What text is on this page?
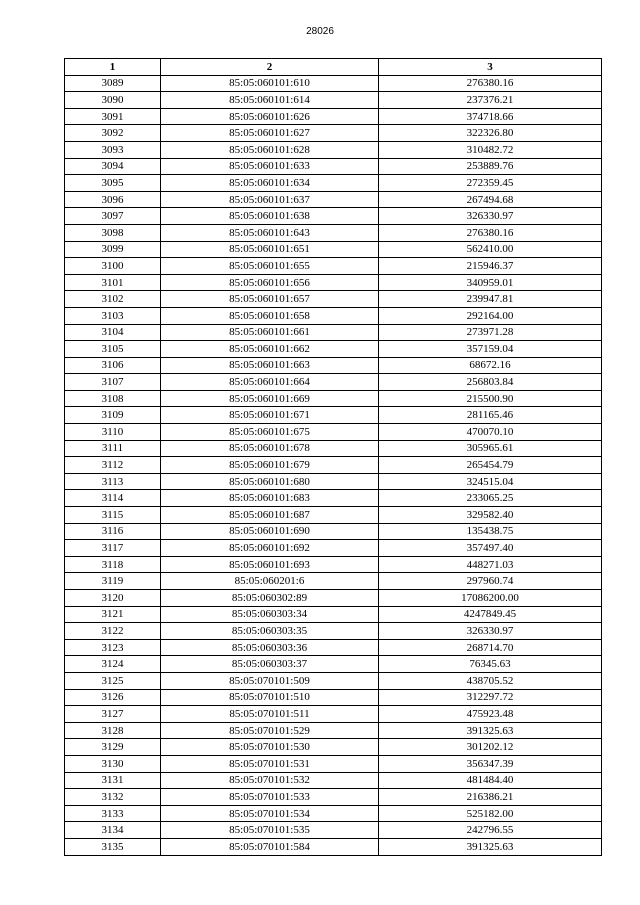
28026
1	2	3
3089	85:05:060101:610	276380.16
3090	85:05:060101:614	237376.21
3091	85:05:060101:626	374718.66
3092	85:05:060101:627	322326.80
3093	85:05:060101:628	310482.72
3094	85:05:060101:633	253889.76
3095	85:05:060101:634	272359.45
3096	85:05:060101:637	267494.68
3097	85:05:060101:638	326330.97
3098	85:05:060101:643	276380.16
3099	85:05:060101:651	562410.00
3100	85:05:060101:655	215946.37
3101	85:05:060101:656	340959.01
3102	85:05:060101:657	239947.81
3103	85:05:060101:658	292164.00
3104	85:05:060101:661	273971.28
3105	85:05:060101:662	357159.04
3106	85:05:060101:663	68672.16
3107	85:05:060101:664	256803.84
3108	85:05:060101:669	215500.90
3109	85:05:060101:671	281165.46
3110	85:05:060101:675	470070.10
3111	85:05:060101:678	305965.61
3112	85:05:060101:679	265454.79
3113	85:05:060101:680	324515.04
3114	85:05:060101:683	233065.25
3115	85:05:060101:687	329582.40
3116	85:05:060101:690	135438.75
3117	85:05:060101:692	357497.40
3118	85:05:060101:693	448271.03
3119	85:05:060201:6	297960.74
3120	85:05:060302:89	17086200.00
3121	85:05:060303:34	4247849.45
3122	85:05:060303:35	326330.97
3123	85:05:060303:36	268714.70
3124	85:05:060303:37	76345.63
3125	85:05:070101:509	438705.52
3126	85:05:070101:510	312297.72
3127	85:05:070101:511	475923.48
3128	85:05:070101:529	391325.63
3129	85:05:070101:530	301202.12
3130	85:05:070101:531	356347.39
3131	85:05:070101:532	481484.40
3132	85:05:070101:533	216386.21
3133	85:05:070101:534	525182.00
3134	85:05:070101:535	242796.55
3135	85:05:070101:584	391325.63
